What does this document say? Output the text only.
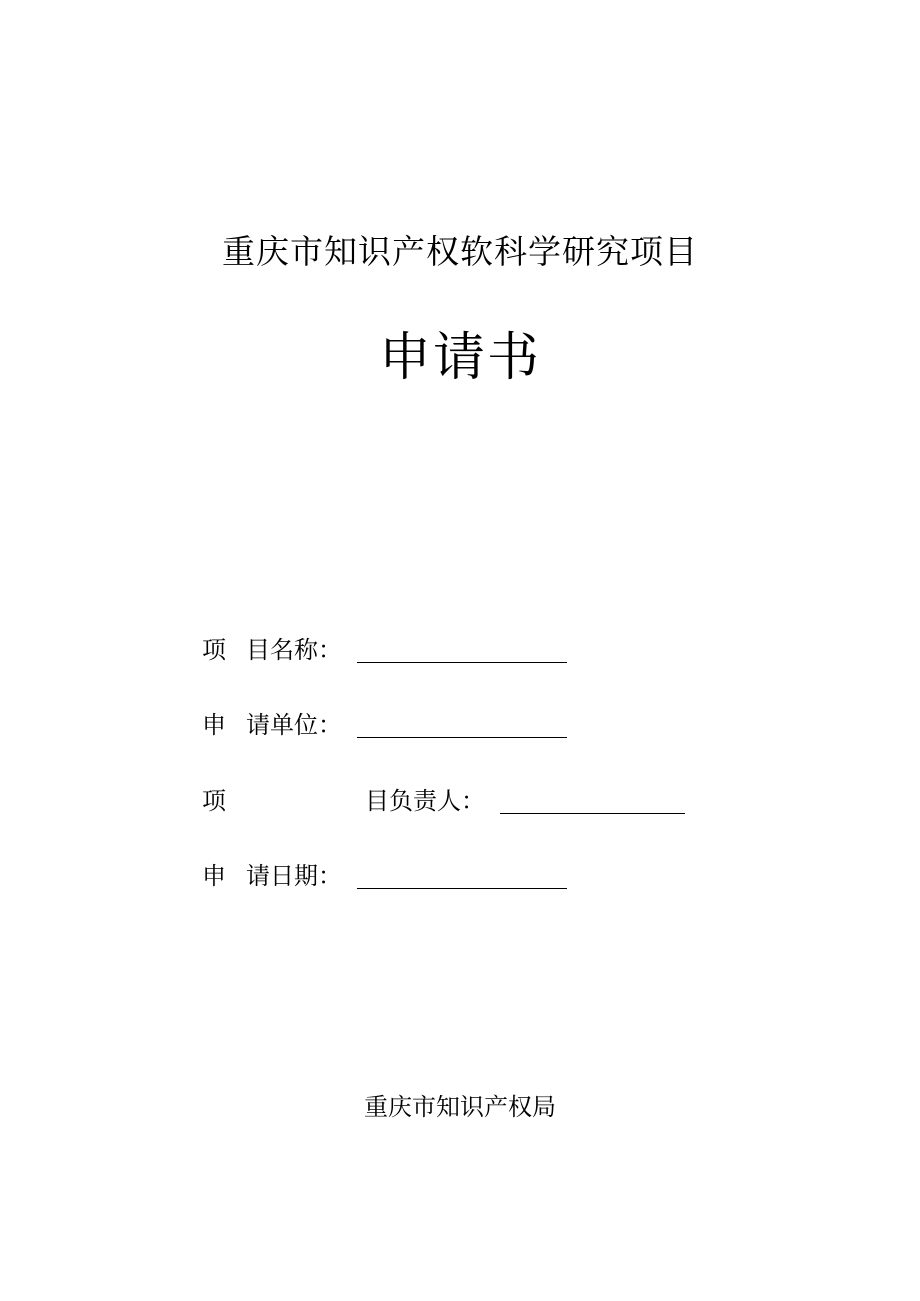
重庆市知识产权软科学研究项目
申请书
项 目名称：
申 请单位：
项	目负责人：
申 请日期：
重庆市知识产权局
